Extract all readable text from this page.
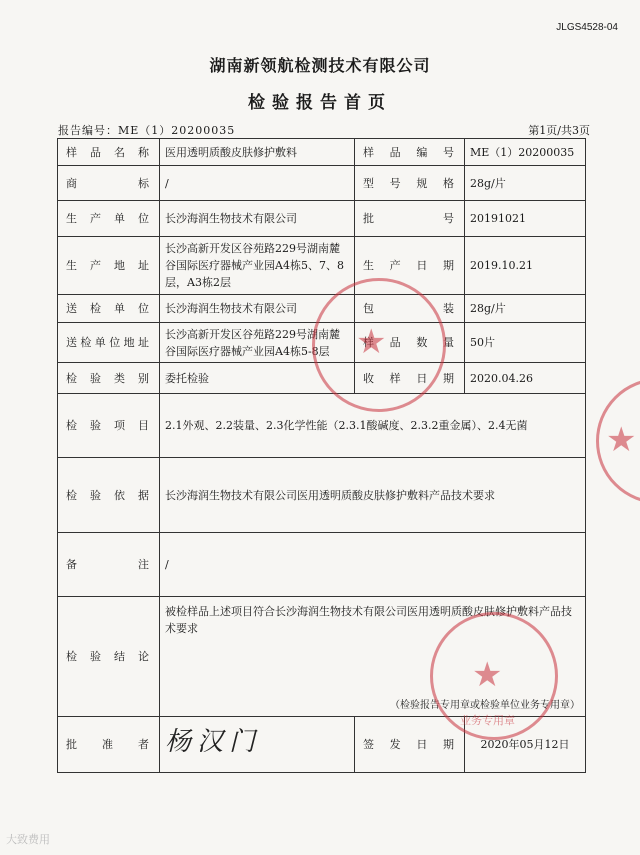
JLGS4528-04
湖南新领航检测技术有限公司
检验报告首页
报告编号：ME（1）20200035	第1页/共3页
样品名称	医用透明质酸皮肤修护敷料	样品编号	ME（1）20200035
商标	/	型号规格	28g/片
生产单位	长沙海润生物技术有限公司	批号	20191021
生产地址	长沙高新开发区谷苑路229号湖南麓谷国际医疗器械产业园A4栋5、7、8层，A3栋2层	生产日期	2019.10.21
送检单位	长沙海润生物技术有限公司	包装	28g/片
送检单位地址	长沙高新开发区谷苑路229号湖南麓谷国际医疗器械产业园A4栋5-8层	样品数量	50片
检验类别	委托检验	收样日期	2020.04.26
检验项目	2.1外观、2.2装量、2.3化学性能（2.3.1酸碱度、2.3.2重金属）、2.4无菌		
检验依据	长沙海润生物技术有限公司医用透明质酸皮肤修护敷料产品技术要求		
备注	/		
检验结论	被检样品上述项目符合长沙海润生物技术有限公司医用透明质酸皮肤修护敷料产品技术要求
（检验报告专用章或检验单位业务专用章）		

批准者	杨汉门	签发日期	2020年05月12日
★
★
业务专用章
★
大致费用
